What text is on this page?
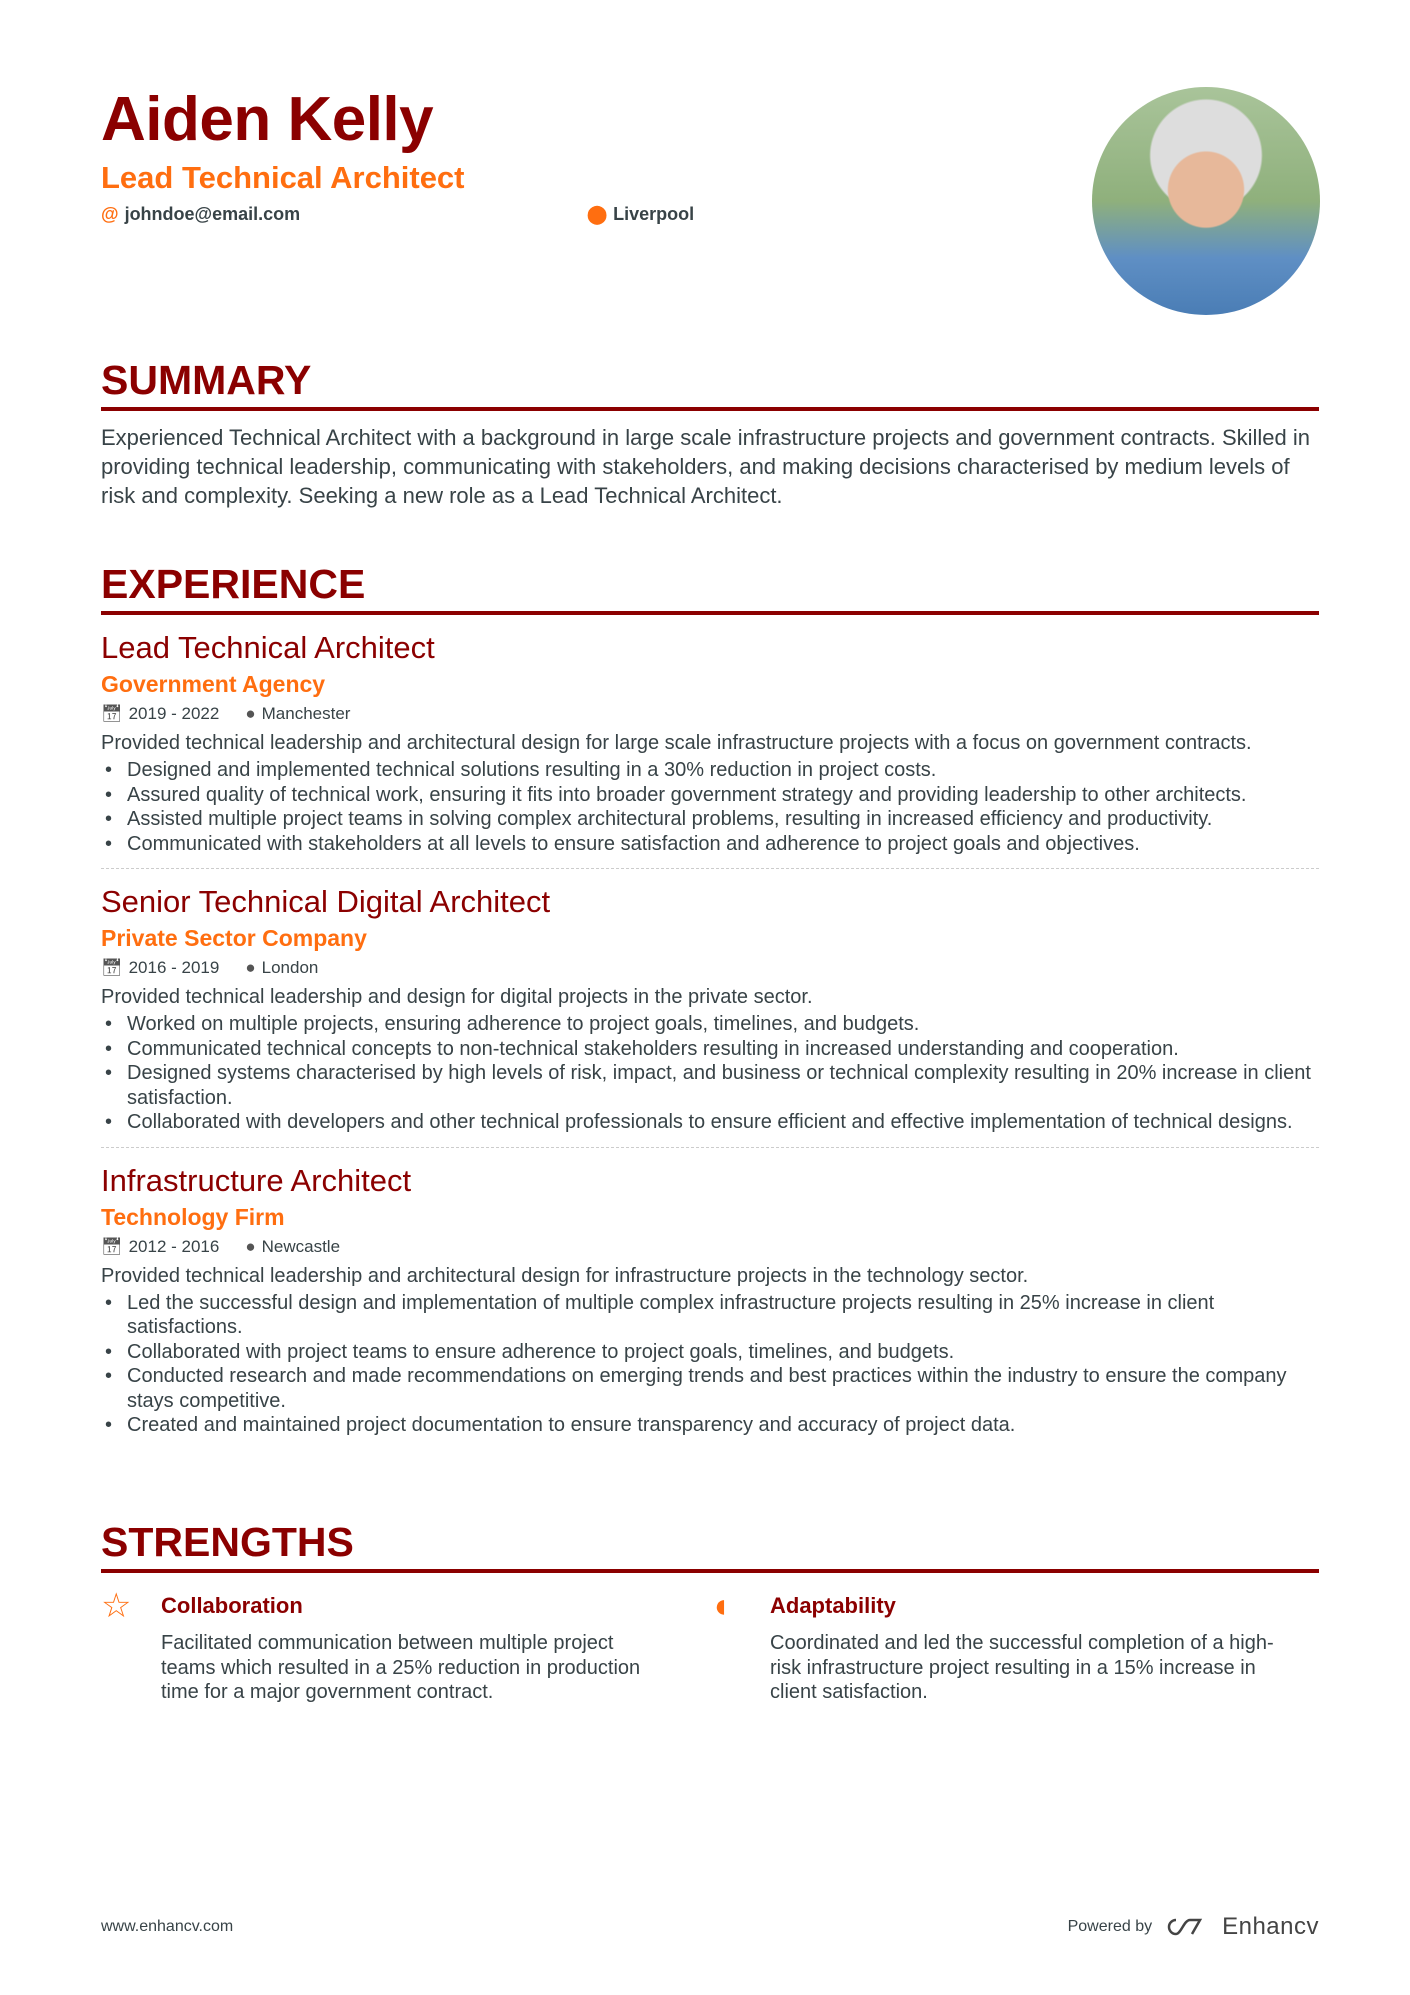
Aiden Kelly
Lead Technical Architect
@ johndoe@email.com	⬤ Liverpool
SUMMARY

Experienced Technical Architect with a background in large scale infrastructure projects and government contracts. Skilled in providing technical leadership, communicating with stakeholders, and making decisions characterised by medium levels of risk and complexity. Seeking a new role as a Lead Technical Architect.

EXPERIENCE
Lead Technical Architect
Government Agency
📅︎ 2019 - 2022 ● Manchester
Provided technical leadership and architectural design for large scale infrastructure projects with a focus on government contracts.
• Designed and implemented technical solutions resulting in a 30% reduction in project costs.
• Assured quality of technical work, ensuring it fits into broader government strategy and providing leadership to other architects.
• Assisted multiple project teams in solving complex architectural problems, resulting in increased efficiency and productivity.
• Communicated with stakeholders at all levels to ensure satisfaction and adherence to project goals and objectives.
Senior Technical Digital Architect
Private Sector Company
📅︎ 2016 - 2019 ● London
Provided technical leadership and design for digital projects in the private sector.
• Worked on multiple projects, ensuring adherence to project goals, timelines, and budgets.
• Communicated technical concepts to non-technical stakeholders resulting in increased understanding and cooperation.
• Designed systems characterised by high levels of risk, impact, and business or technical complexity resulting in 20% increase in client satisfaction.
• Collaborated with developers and other technical professionals to ensure efficient and effective implementation of technical designs.
Infrastructure Architect
Technology Firm
📅︎ 2012 - 2016 ● Newcastle
Provided technical leadership and architectural design for infrastructure projects in the technology sector.
• Led the successful design and implementation of multiple complex infrastructure projects resulting in 25% increase in client satisfactions.
• Collaborated with project teams to ensure adherence to project goals, timelines, and budgets.
• Conducted research and made recommendations on emerging trends and best practices within the industry to ensure the company stays competitive.
• Created and maintained project documentation to ensure transparency and accuracy of project data.
STRENGTHS
☆	Collaboration

Facilitated communication between multiple project teams which resulted in a 25% reduction in production time for a major government contract.

◖	Adaptability

Coordinated and led the successful completion of a high-risk infrastructure project resulting in a 15% increase in client satisfaction.

www.enhancv.com	Powered by	Enhancv
